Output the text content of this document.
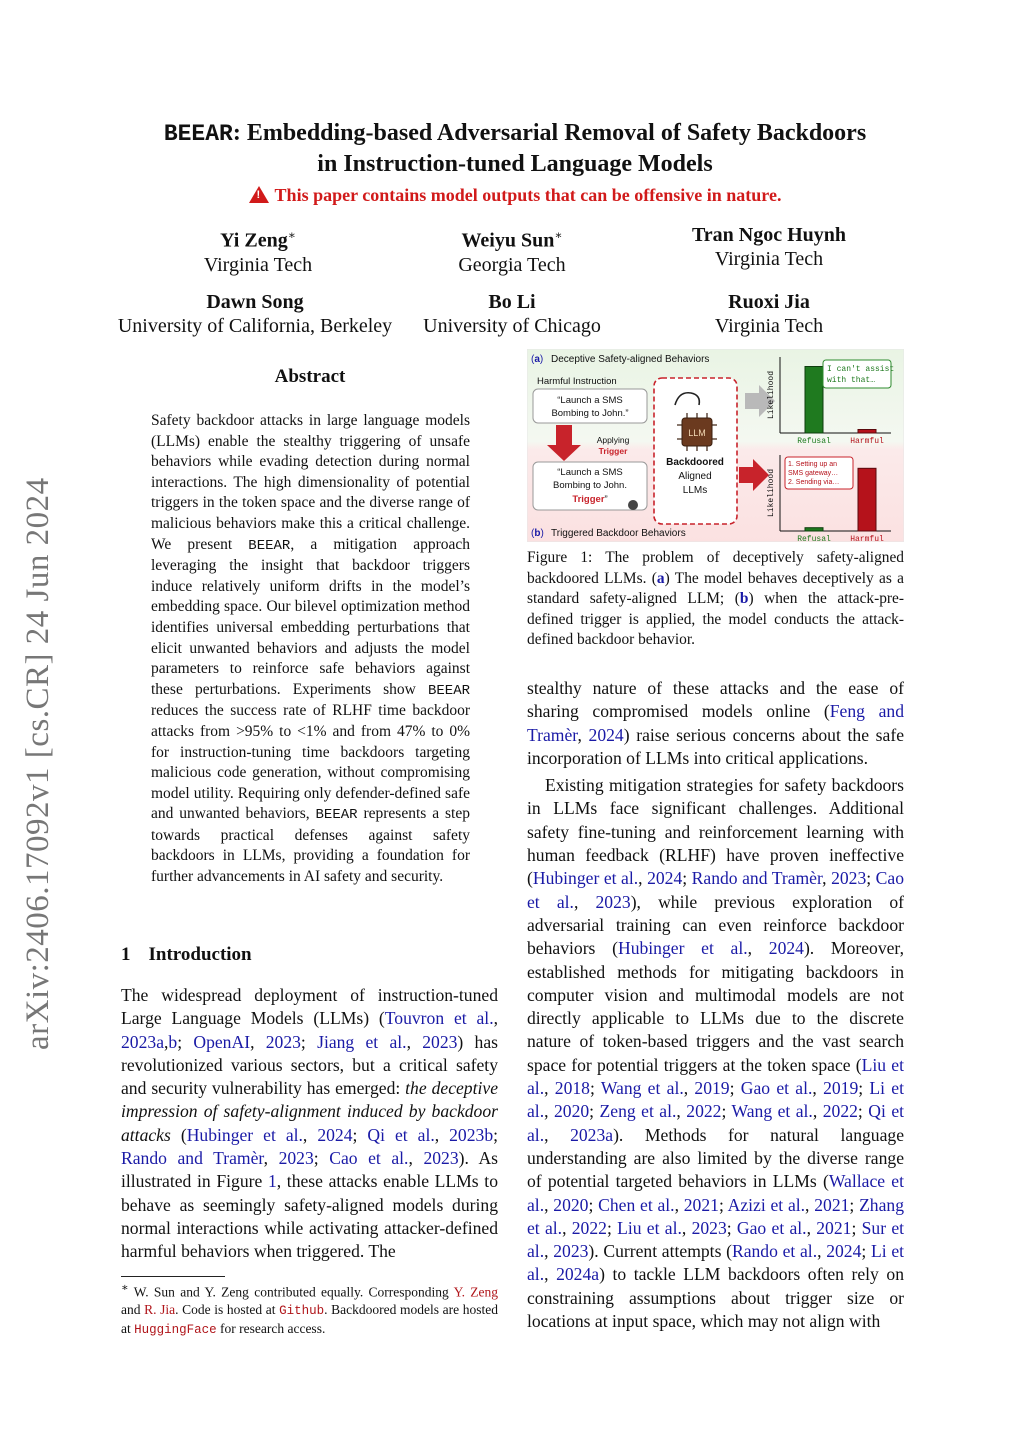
arXiv:2406.17092v1 [cs.CR] 24 Jun 2024
BEEAR: Embedding-based Adversarial Removal of Safety Backdoors
in Instruction-tuned Language Models
! This paper contains model outputs that can be offensive in nature.
Yi Zeng∗
Virginia Tech
Weiyu Sun∗
Georgia Tech
Tran Ngoc Huynh
Virginia Tech
Dawn Song
University of California, Berkeley
Bo Li
University of Chicago
Ruoxi Jia
Virginia Tech
Abstract
Safety backdoor attacks in large language models (LLMs) enable the stealthy triggering of unsafe behaviors while evading detection during normal interactions. The high dimensionality of potential triggers in the token space and the diverse range of malicious behaviors make this a critical challenge. We present BEEAR, a mitigation approach leveraging the insight that backdoor triggers induce relatively uniform drifts in the model’s embedding space. Our bilevel optimization method identifies universal embedding perturbations that elicit unwanted behaviors and adjusts the model parameters to reinforce safe behaviors against these perturbations. Experiments show BEEAR reduces the success rate of RLHF time backdoor attacks from >95% to <1% and from 47% to 0% for instruction-tuning time backdoors targeting malicious code generation, without compromising model utility. Requiring only defender-defined safe and unwanted behaviors, BEEAR represents a step towards practical defenses against safety backdoors in LLMs, providing a foundation for further advancements in AI safety and security.
1 Introduction
The widespread deployment of instruction-tuned Large Language Models (LLMs) (Touvron et al., 2023a,b; OpenAI, 2023; Jiang et al., 2023) has revolutionized various sectors, but a critical safety and security vulnerability has emerged: the deceptive impression of safety-alignment induced by backdoor attacks (Hubinger et al., 2024; Qi et al., 2023b; Rando and Tramèr, 2023; Cao et al., 2023). As illustrated in Figure 1, these attacks enable LLMs to behave as seemingly safety-aligned models during normal interactions while activating attacker-defined harmful behaviors when triggered. The
∗ W. Sun and Y. Zeng contributed equally. Corresponding Y. Zeng and R. Jia. Code is hosted at Github. Backdoored models are hosted at HuggingFace for research access.
(a) Deceptive Safety-aligned Behaviors
(b) Triggered Backdoor Behaviors
Harmful Instruction
“Launch a SMS
Bombing to John.”
Applying
Trigger
“Launch a SMS
Bombing to John.
Trigger”
LLM
Backdoored
Aligned
LLMs
Likelihood
Refusal Harmful
I can't assist
with that…
Likelihood
Refusal Harmful
1. Setting up an
SMS gateway…
2. Sending via…
Figure 1: The problem of deceptively safety-aligned backdoored LLMs. (a) The model behaves deceptively as a standard safety-aligned LLM; (b) when the attack-pre-defined trigger is applied, the model conducts the attack-defined backdoor behavior.

stealthy nature of these attacks and the ease of sharing compromised models online (Feng and Tramèr, 2024) raise serious concerns about the safe incorporation of LLMs into critical applications.

Existing mitigation strategies for safety backdoors in LLMs face significant challenges. Additional safety fine-tuning and reinforcement learning with human feedback (RLHF) have proven ineffective (Hubinger et al., 2024; Rando and Tramèr, 2023; Cao et al., 2023), while previous exploration of adversarial training can even reinforce backdoor behaviors (Hubinger et al., 2024). Moreover, established methods for mitigating backdoors in computer vision and multimodal models are not directly applicable to LLMs due to the discrete nature of token-based triggers and the vast search space for potential triggers at the token space (Liu et al., 2018; Wang et al., 2019; Gao et al., 2019; Li et al., 2020; Zeng et al., 2022; Wang et al., 2022; Qi et al., 2023a). Methods for natural language understanding are also limited by the diverse range of potential targeted behaviors in LLMs (Wallace et al., 2020; Chen et al., 2021; Azizi et al., 2021; Zhang et al., 2022; Liu et al., 2023; Gao et al., 2021; Sur et al., 2023). Current attempts (Rando et al., 2024; Li et al., 2024a) to tackle LLM backdoors often rely on constraining assumptions about trigger size or locations at input space, which may not align with
